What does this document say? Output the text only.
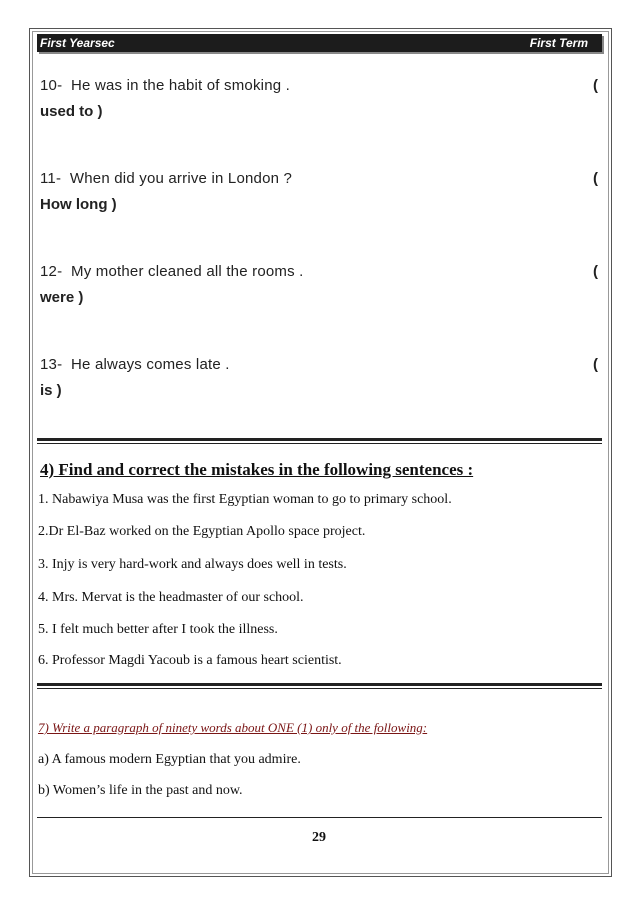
First Yearsec	First Term
10-  He was in the habit of smoking .
used to )
(
11-  When did you arrive in London ?
How long )
(
12-  My mother cleaned all the rooms .
were )
(
13-  He always comes late .
is )
(
4) Find and correct the mistakes in the following sentences :
1. Nabawiya Musa was the first Egyptian woman to go to primary school.
2.Dr El-Baz worked on the Egyptian Apollo space project.
3. Injy is very hard-work and always does well in tests.
4. Mrs. Mervat is the headmaster of our school.
5. I felt much better after I took the illness.
6. Professor Magdi Yacoub is a famous heart scientist.
7) Write a paragraph of ninety words about ONE (1) only of the following:
a) A famous modern Egyptian that you admire.
b) Women’s life in the past and now.
29
